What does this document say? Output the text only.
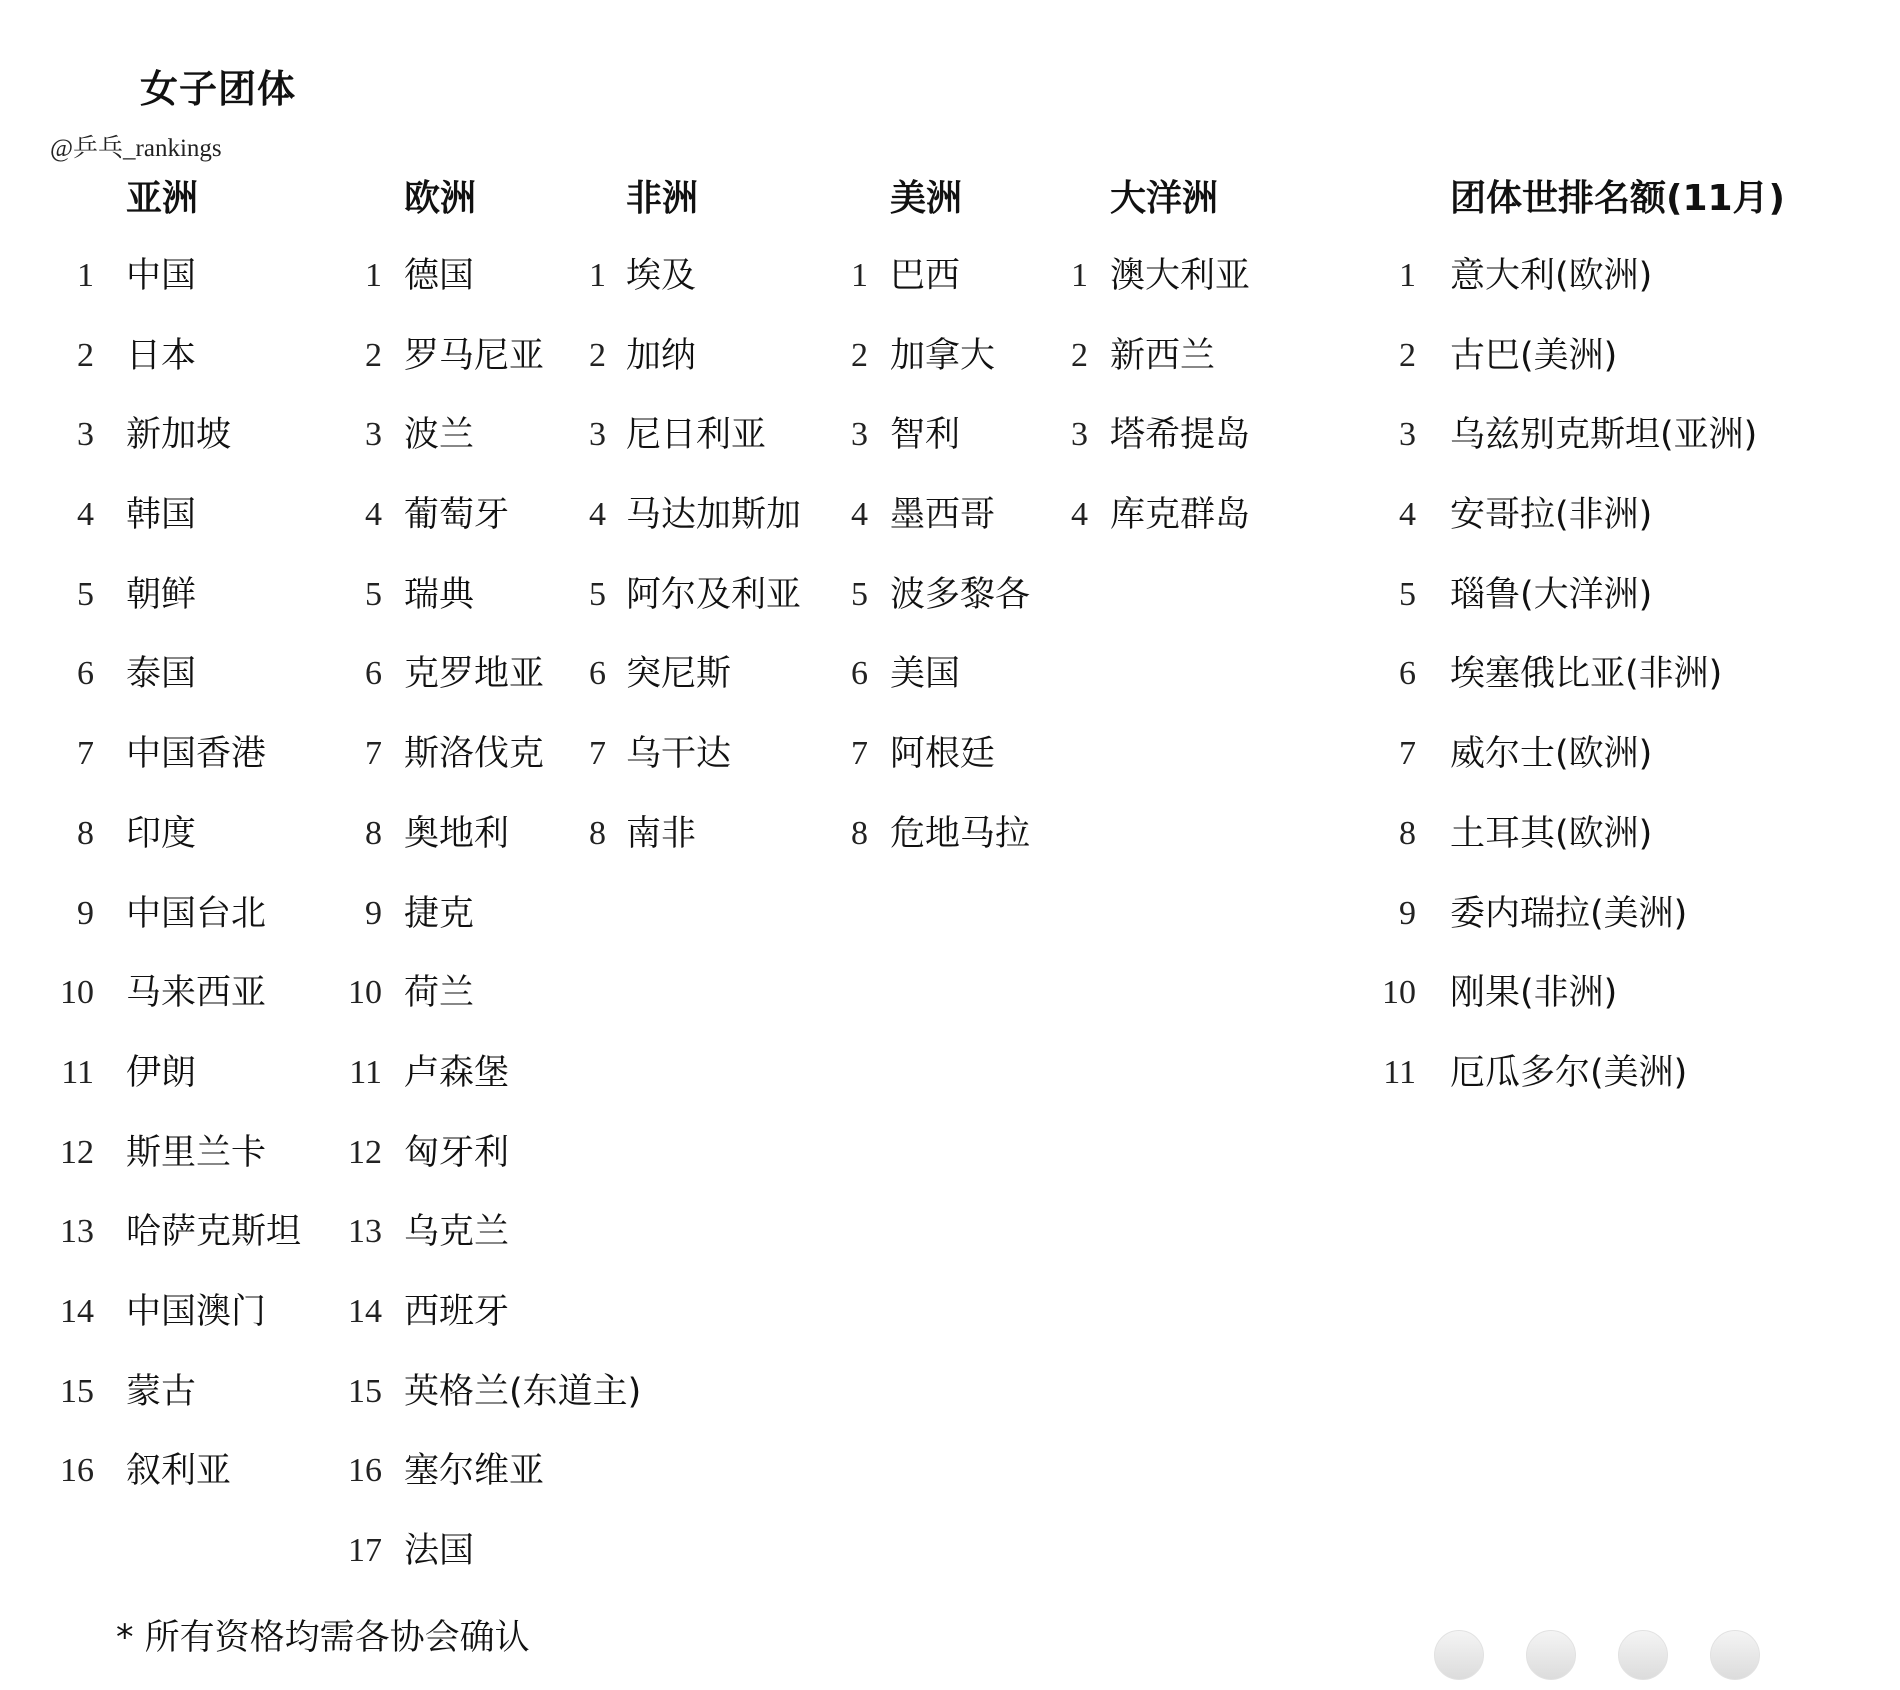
女子团体
@乒乓_rankings
亚洲
1 中国
2 日本
3 新加坡
4 韩国
5 朝鲜
6 泰国
7 中国香港
8 印度
9 中国台北
10 马来西亚
11 伊朗
12 斯里兰卡
13 哈萨克斯坦
14 中国澳门
15 蒙古
16 叙利亚
欧洲
1 德国
2 罗马尼亚
3 波兰
4 葡萄牙
5 瑞典
6 克罗地亚
7 斯洛伐克
8 奥地利
9 捷克
10 荷兰
11 卢森堡
12 匈牙利
13 乌克兰
14 西班牙
15 英格兰(东道主)
16 塞尔维亚
17 法国
非洲
1 埃及
2 加纳
3 尼日利亚
4 马达加斯加
5 阿尔及利亚
6 突尼斯
7 乌干达
8 南非
美洲
1 巴西
2 加拿大
3 智利
4 墨西哥
5 波多黎各
6 美国
7 阿根廷
8 危地马拉
大洋洲
1 澳大利亚
2 新西兰
3 塔希提岛
4 库克群岛
团体世排名额(11月)
1 意大利(欧洲)
2 古巴(美洲)
3 乌兹别克斯坦(亚洲)
4 安哥拉(非洲)
5 瑙鲁(大洋洲)
6 埃塞俄比亚(非洲)
7 威尔士(欧洲)
8 土耳其(欧洲)
9 委内瑞拉(美洲)
10 刚果(非洲)
11 厄瓜多尔(美洲)
* 所有资格均需各协会确认
